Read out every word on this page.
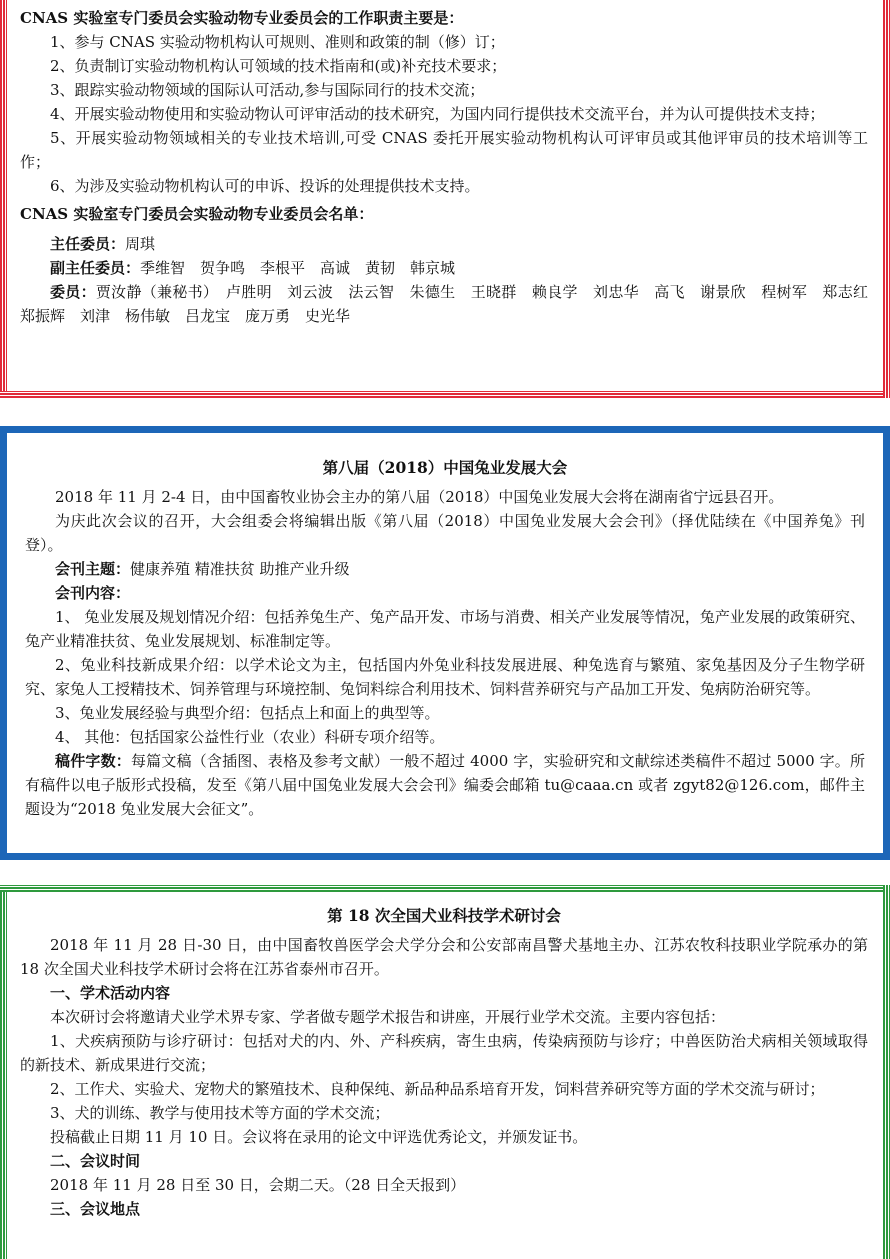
CNAS 实验室专门委员会实验动物专业委员会的工作职责主要是：

1、参与 CNAS 实验动物机构认可规则、准则和政策的制（修）订；

2、负责制订实验动物机构认可领域的技术指南和(或)补充技术要求；

3、跟踪实验动物领域的国际认可活动,参与国际同行的技术交流；

4、开展实验动物使用和实验动物认可评审活动的技术研究，为国内同行提供技术交流平台，并为认可提供技术支持；

5、开展实验动物领域相关的专业技术培训,可受 CNAS 委托开展实验动物机构认可评审员或其他评审员的技术培训等工作；

6、为涉及实验动物机构认可的申诉、投诉的处理提供技术支持。

CNAS 实验室专门委员会实验动物专业委员会名单：

主任委员：周琪

副主任委员：季维智　贺争鸣　李根平　高诚　黄韧　韩京城

委员：贾汝静（兼秘书）　卢胜明　刘云波　法云智　朱德生　王晓群　赖良学　刘忠华　高飞　谢景欣　程树军　郑志红　郑振辉　刘津　杨伟敏　吕龙宝　庞万勇　史光华

第八届（2018）中国兔业发展大会

2018 年 11 月 2-4 日，由中国畜牧业协会主办的第八届（2018）中国兔业发展大会将在湖南省宁远县召开。

为庆此次会议的召开，大会组委会将编辑出版《第八届（2018）中国兔业发展大会会刊》（择优陆续在《中国养兔》刊登）。

会刊主题：健康养殖 精准扶贫 助推产业升级

会刊内容：

1、 兔业发展及规划情况介绍：包括养兔生产、兔产品开发、市场与消费、相关产业发展等情况，兔产业发展的政策研究、兔产业精准扶贫、兔业发展规划、标准制定等。

2、兔业科技新成果介绍：以学术论文为主，包括国内外兔业科技发展进展、种兔选育与繁殖、家兔基因及分子生物学研究、家兔人工授精技术、饲养管理与环境控制、兔饲料综合利用技术、饲料营养研究与产品加工开发、兔病防治研究等。

3、兔业发展经验与典型介绍：包括点上和面上的典型等。

4、 其他：包括国家公益性行业（农业）科研专项介绍等。

稿件字数：每篇文稿（含插图、表格及参考文献）一般不超过 4000 字，实验研究和文献综述类稿件不超过 5000 字。所有稿件以电子版形式投稿，发至《第八届中国兔业发展大会会刊》编委会邮箱 tu@caaa.cn 或者 zgyt82@126.com，邮件主题设为“2018 兔业发展大会征文”。

第 18 次全国犬业科技学术研讨会

2018 年 11 月 28 日-30 日，由中国畜牧兽医学会犬学分会和公安部南昌警犬基地主办、江苏农牧科技职业学院承办的第 18 次全国犬业科技学术研讨会将在江苏省泰州市召开。

一、学术活动内容

本次研讨会将邀请犬业学术界专家、学者做专题学术报告和讲座，开展行业学术交流。主要内容包括：

1、犬疾病预防与诊疗研讨：包括对犬的内、外、产科疾病，寄生虫病，传染病预防与诊疗；中兽医防治犬病相关领域取得的新技术、新成果进行交流；

2、工作犬、实验犬、宠物犬的繁殖技术、良种保纯、新品种品系培育开发，饲料营养研究等方面的学术交流与研讨；

3、犬的训练、教学与使用技术等方面的学术交流；

投稿截止日期 11 月 10 日。会议将在录用的论文中评选优秀论文，并颁发证书。

二、会议时间

2018 年 11 月 28 日至 30 日，会期二天。（28 日全天报到）

三、会议地点
